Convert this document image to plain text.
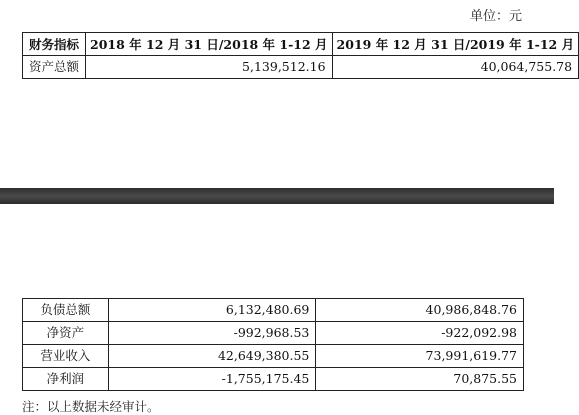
单位：元
财务指标	2018 年 12 月 31 日/2018 年 1-12 月	2019 年 12 月 31 日/2019 年 1-12 月
资产总额	5,139,512.16	40,064,755.78
负债总额	6,132,480.69	40,986,848.76
净资产	-992,968.53	-922,092.98
营业收入	42,649,380.55	73,991,619.77
净利润	-1,755,175.45	70,875.55
注：以上数据未经审计。
